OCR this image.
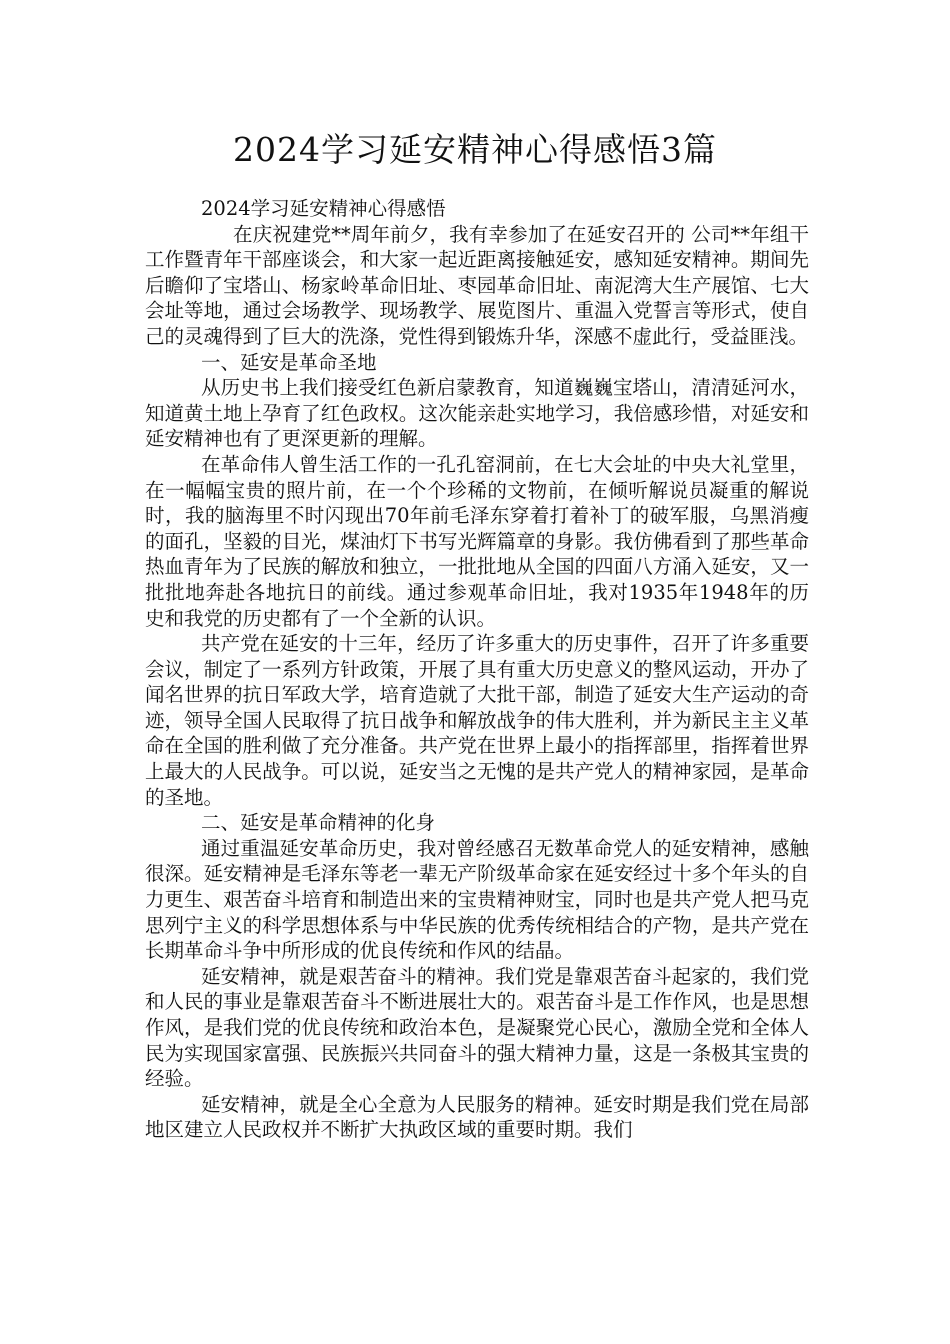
2024学习延安精神心得感悟3篇

2024学习延安精神心得感悟

在庆祝建党**周年前夕，我有幸参加了在延安召开的 公司**年组干工作暨青年干部座谈会，和大家一起近距离接触延安，感知延安精神。期间先后瞻仰了宝塔山、杨家岭革命旧址、枣园革命旧址、南泥湾大生产展馆、七大会址等地，通过会场教学、现场教学、展览图片、重温入党誓言等形式，使自己的灵魂得到了巨大的洗涤，党性得到锻炼升华，深感不虚此行，受益匪浅。

一、延安是革命圣地

从历史书上我们接受红色新启蒙教育，知道巍巍宝塔山，清清延河水，知道黄土地上孕育了红色政权。这次能亲赴实地学习，我倍感珍惜，对延安和延安精神也有了更深更新的理解。

在革命伟人曾生活工作的一孔孔窑洞前，在七大会址的中央大礼堂里，在一幅幅宝贵的照片前，在一个个珍稀的文物前，在倾听解说员凝重的解说时，我的脑海里不时闪现出70年前毛泽东穿着打着补丁的破军服，乌黑消瘦的面孔，坚毅的目光，煤油灯下书写光辉篇章的身影。我仿佛看到了那些革命热血青年为了民族的解放和独立，一批批地从全国的四面八方涌入延安，又一批批地奔赴各地抗日的前线。通过参观革命旧址，我对1935年1948年的历史和我党的历史都有了一个全新的认识。

共产党在延安的十三年，经历了许多重大的历史事件，召开了许多重要会议，制定了一系列方针政策，开展了具有重大历史意义的整风运动，开办了闻名世界的抗日军政大学，培育造就了大批干部，制造了延安大生产运动的奇迹，领导全国人民取得了抗日战争和解放战争的伟大胜利，并为新民主主义革命在全国的胜利做了充分准备。共产党在世界上最小的指挥部里，指挥着世界上最大的人民战争。可以说，延安当之无愧的是共产党人的精神家园，是革命的圣地。

二、延安是革命精神的化身

通过重温延安革命历史，我对曾经感召无数革命党人的延安精神，感触很深。延安精神是毛泽东等老一辈无产阶级革命家在延安经过十多个年头的自力更生、艰苦奋斗培育和制造出来的宝贵精神财宝，同时也是共产党人把马克思列宁主义的科学思想体系与中华民族的优秀传统相结合的产物，是共产党在长期革命斗争中所形成的优良传统和作风的结晶。

延安精神，就是艰苦奋斗的精神。我们党是靠艰苦奋斗起家的，我们党和人民的事业是靠艰苦奋斗不断进展壮大的。艰苦奋斗是工作作风，也是思想作风，是我们党的优良传统和政治本色，是凝聚党心民心，激励全党和全体人民为实现国家富强、民族振兴共同奋斗的强大精神力量，这是一条极其宝贵的经验。

延安精神，就是全心全意为人民服务的精神。延安时期是我们党在局部地区建立人民政权并不断扩大执政区域的重要时期。我们
